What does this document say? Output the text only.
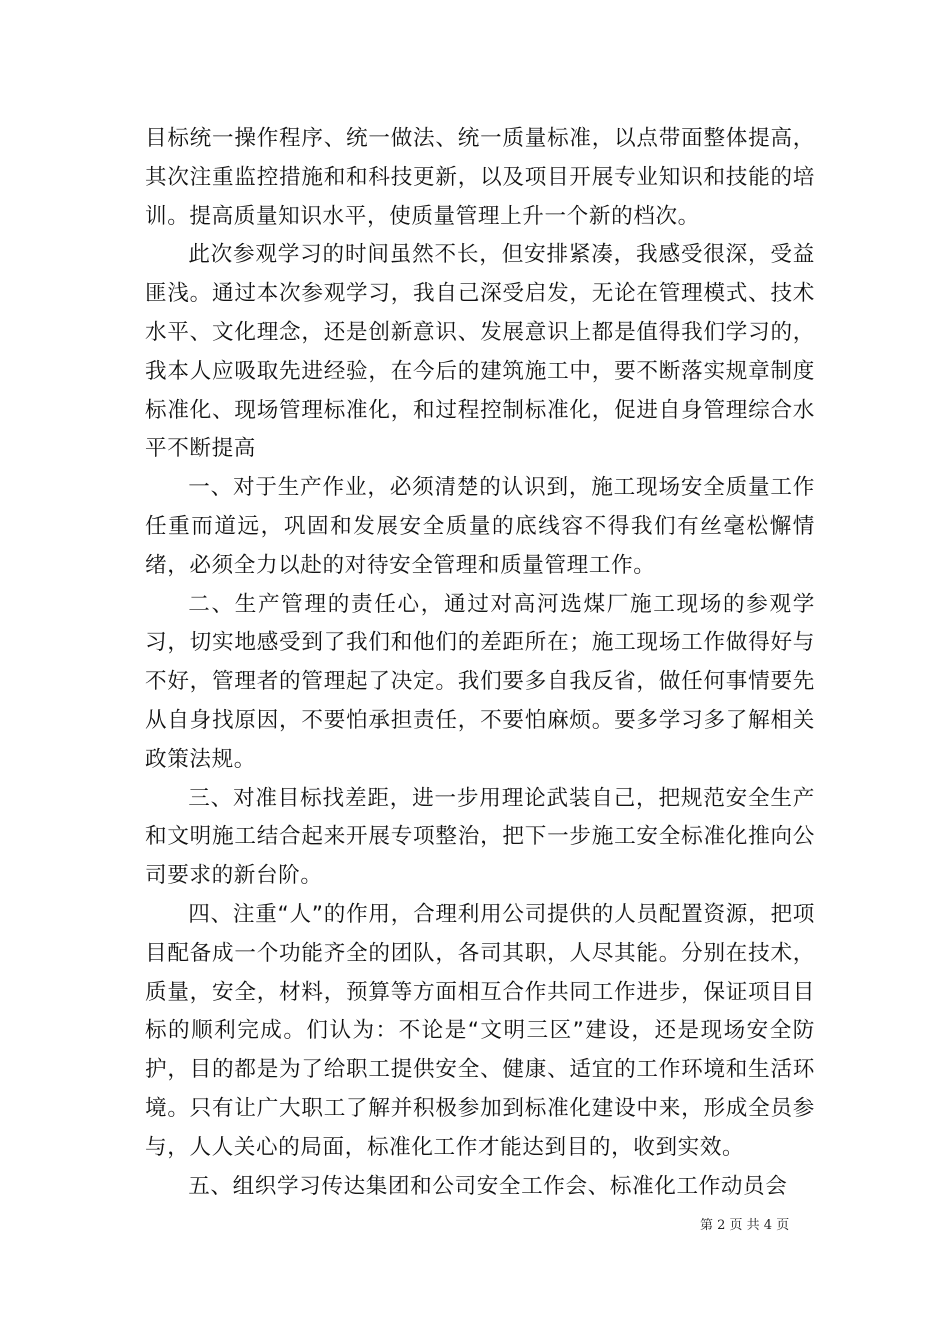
目标统一操作程序、统一做法、统一质量标准，以点带面整体提高，其次注重监控措施和和科技更新，以及项目开展专业知识和技能的培训。提高质量知识水平，使质量管理上升一个新的档次。

此次参观学习的时间虽然不长，但安排紧凑，我感受很深，受益匪浅。通过本次参观学习，我自己深受启发，无论在管理模式、技术水平、文化理念，还是创新意识、发展意识上都是值得我们学习的，我本人应吸取先进经验，在今后的建筑施工中，要不断落实规章制度标准化、现场管理标准化，和过程控制标准化，促进自身管理综合水平不断提高

一、对于生产作业，必须清楚的认识到，施工现场安全质量工作任重而道远，巩固和发展安全质量的底线容不得我们有丝毫松懈情绪，必须全力以赴的对待安全管理和质量管理工作。

二、生产管理的责任心，通过对高河选煤厂施工现场的参观学习，切实地感受到了我们和他们的差距所在；施工现场工作做得好与不好，管理者的管理起了决定。我们要多自我反省，做任何事情要先从自身找原因，不要怕承担责任，不要怕麻烦。要多学习多了解相关政策法规。

三、对准目标找差距，进一步用理论武装自己，把规范安全生产和文明施工结合起来开展专项整治，把下一步施工安全标准化推向公司要求的新台阶。

四、注重“人”的作用，合理利用公司提供的人员配置资源，把项目配备成一个功能齐全的团队，各司其职，人尽其能。分别在技术，质量，安全，材料，预算等方面相互合作共同工作进步，保证项目目标的顺利完成。们认为：不论是“文明三区”建设，还是现场安全防护，目的都是为了给职工提供安全、健康、适宜的工作环境和生活环境。只有让广大职工了解并积极参加到标准化建设中来，形成全员参与，人人关心的局面，标准化工作才能达到目的，收到实效。

五、组织学习传达集团和公司安全工作会、标准化工作动员会

第 2 页 共 4 页
